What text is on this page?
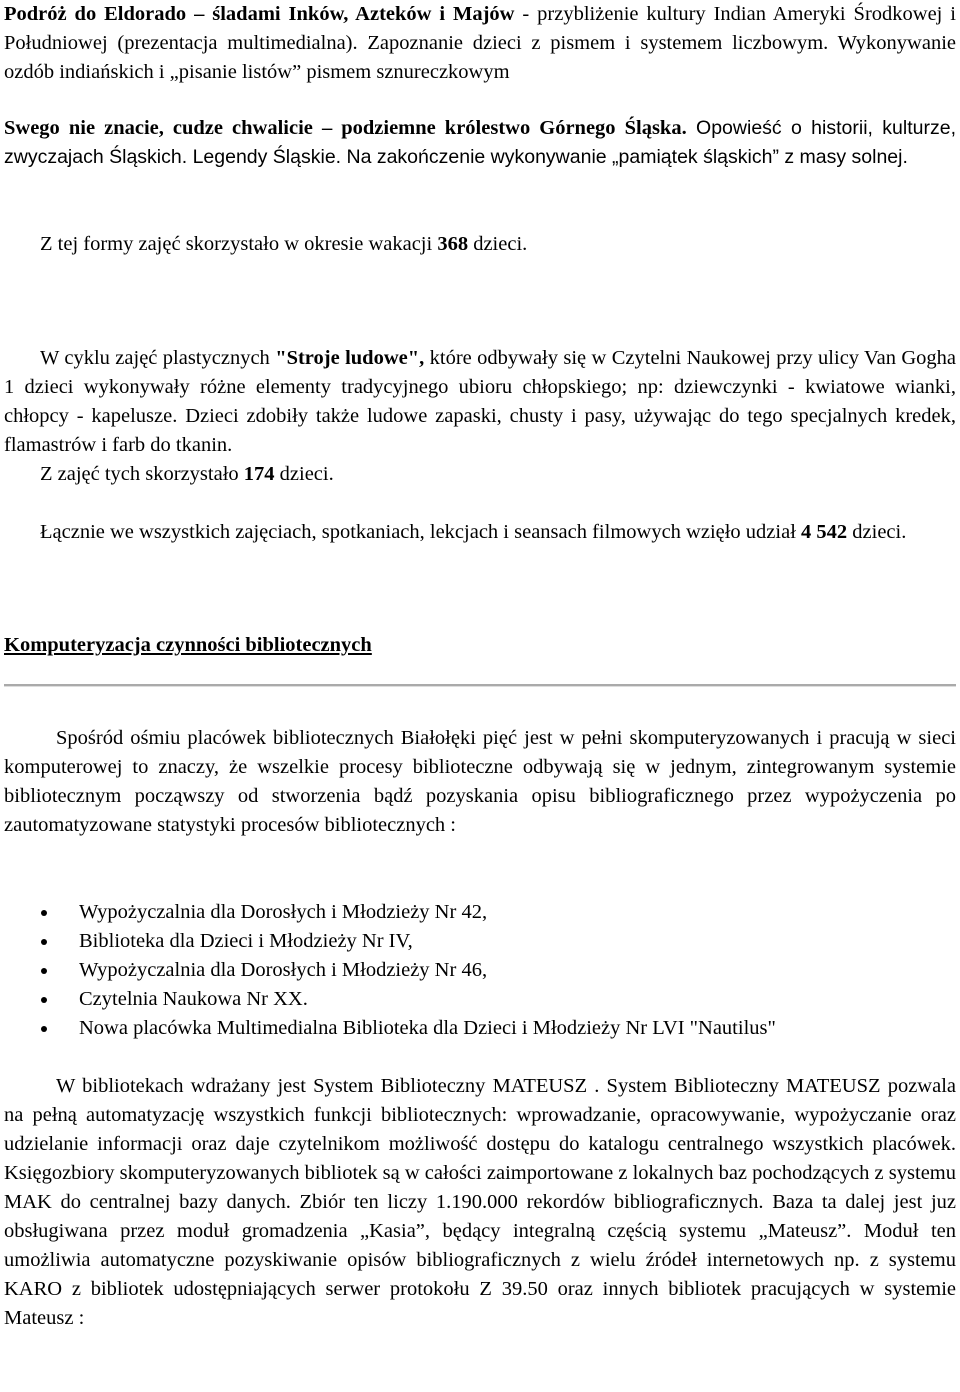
Podróż do Eldorado – śladami Inków, Azteków i Majów - przybliżenie kultury Indian Ameryki Środkowej i Południowej (prezentacja multimedialna). Zapoznanie dzieci z pismem i systemem liczbowym. Wykonywanie ozdób indiańskich i „pisanie listów” pismem sznureczkowym

Swego nie znacie, cudze chwalicie – podziemne królestwo Górnego Śląska. Opowieść o historii, kulturze, zwyczajach Śląskich. Legendy Śląskie. Na zakończenie wykonywanie „pamiątek śląskich” z masy solnej.

Z tej formy zajęć skorzystało w okresie wakacji 368 dzieci.

W cyklu zajęć plastycznych "Stroje ludowe", które odbywały się w Czytelni Naukowej przy ulicy Van Gogha 1 dzieci wykonywały różne elementy tradycyjnego ubioru chłopskiego; np: dziewczynki - kwiatowe wianki, chłopcy - kapelusze. Dzieci zdobiły także ludowe zapaski, chusty i pasy, używając do tego specjalnych kredek, flamastrów i farb do tkanin.

Z zajęć tych skorzystało 174 dzieci.

Łącznie we wszystkich zajęciach, spotkaniach, lekcjach i seansach filmowych wzięło udział 4 542 dzieci.

Komputeryzacja czynności bibliotecznych

Spośród ośmiu placówek bibliotecznych Białołęki pięć jest w pełni skomputeryzowanych i pracują w sieci komputerowej to znaczy, że wszelkie procesy biblioteczne odbywają się w jednym, zintegrowanym systemie bibliotecznym począwszy od stworzenia bądź pozyskania opisu bibliograficznego przez wypożyczenia po zautomatyzowane statystyki procesów bibliotecznych :

Wypożyczalnia dla Dorosłych i Młodzieży Nr 42,
Biblioteka dla Dzieci i Młodzieży Nr IV,
Wypożyczalnia dla Dorosłych i Młodzieży Nr 46,
Czytelnia Naukowa Nr XX.
Nowa placówka Multimedialna Biblioteka dla Dzieci i Młodzieży Nr LVI "Nautilus"

W bibliotekach wdrażany jest System Biblioteczny MATEUSZ . System Biblioteczny MATEUSZ pozwala na pełną automatyzację wszystkich funkcji bibliotecznych: wprowadzanie, opracowywanie, wypożyczanie oraz udzielanie informacji oraz daje czytelnikom możliwość dostępu do katalogu centralnego wszystkich placówek. Księgozbiory skomputeryzowanych bibliotek są w całości zaimportowane z lokalnych baz pochodzących z systemu MAK do centralnej bazy danych. Zbiór ten liczy 1.190.000 rekordów bibliograficznych. Baza ta dalej jest juz obsługiwana przez moduł gromadzenia „Kasia”, będący integralną częścią systemu „Mateusz”. Moduł ten umożliwia automatyczne pozyskiwanie opisów bibliograficznych z wielu źródeł internetowych np. z systemu KARO z bibliotek udostępniających serwer protokołu Z 39.50 oraz innych bibliotek pracujących w systemie Mateusz :
